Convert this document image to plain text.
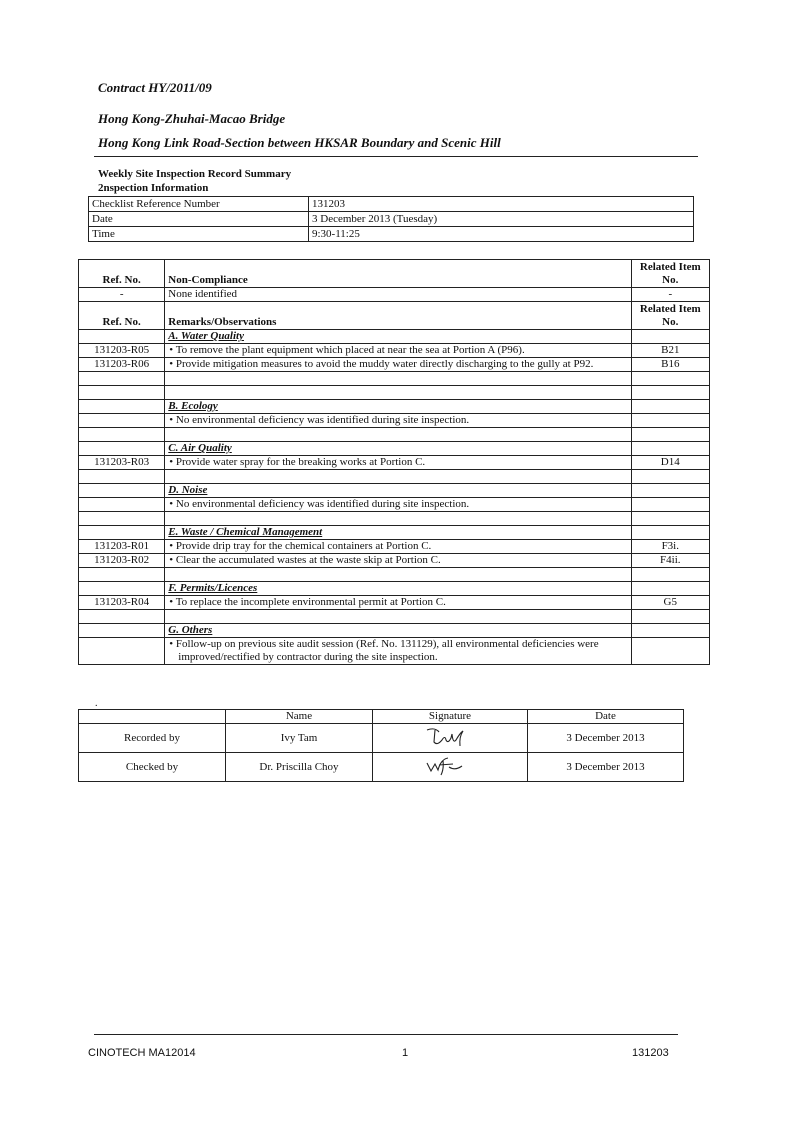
Contract HY/2011/09
Hong Kong-Zhuhai-Macao Bridge
Hong Kong Link Road-Section between HKSAR Boundary and Scenic Hill
Weekly Site Inspection Record Summary
2nspection Information
Checklist Reference Number	131203
Date	3 December 2013 (Tuesday)
Time	9:30-11:25
Ref. No.	Non-Compliance	Related Item No.
-	None identified	-
Ref. No.	Remarks/Observations	Related Item No.
	A. Water Quality	
131203-R05	• To remove the plant equipment which placed at near the sea at Portion A (P96).	B21
131203-R06	• Provide mitigation measures to avoid the muddy water directly discharging to the gully at P92.	B16

	B. Ecology	

	• No environmental deficiency was identified during site inspection.	

	C. Air Quality	
131203-R03	• Provide water spray for the breaking works at Portion C.	D14

	D. Noise	

	• No environmental deficiency was identified during site inspection.	

	E. Waste / Chemical Management	
131203-R01	• Provide drip tray for the chemical containers at Portion C.	F3i.
131203-R02	• Clear the accumulated wastes at the waste skip at Portion C.	F4ii.

	F. Permits/Licences	
131203-R04	• To replace the incomplete environmental permit at Portion C.	G5

	G. Others	

	• Follow-up on previous site audit session (Ref. No. 131129), all environmental deficiencies were improved/rectified by contractor during the site inspection.	

.
	Name	Signature	Date
Recorded by	Ivy Tam		3 December 2013
Checked by	Dr. Priscilla Choy		3 December 2013
CINOTECH MA12014	1	131203
